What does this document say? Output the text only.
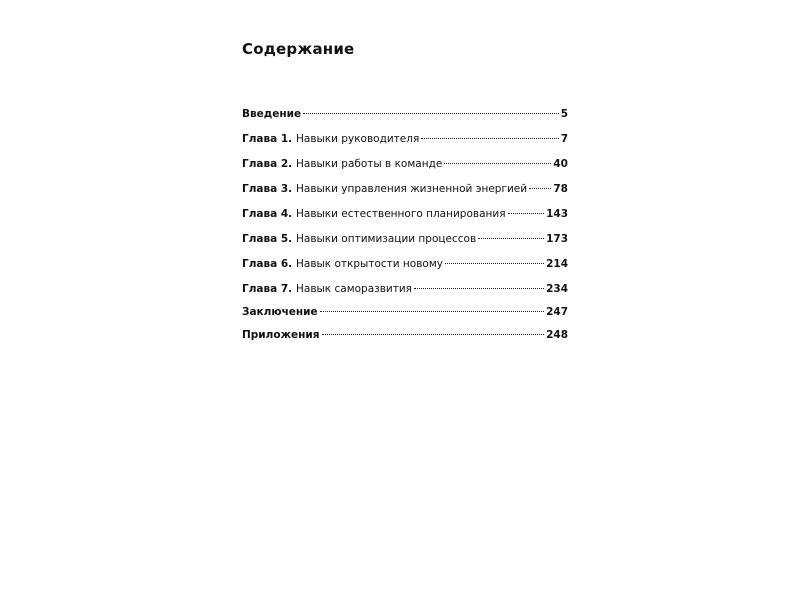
Содержание
Введение	5
Глава 1. Навыки руководителя	7
Глава 2. Навыки работы в команде	40
Глава 3. Навыки управления жизненной энергией	78
Глава 4. Навыки естественного планирования	143
Глава 5. Навыки оптимизации процессов	173
Глава 6. Навык открытости новому	214
Глава 7. Навык саморазвития	234
Заключение	247
Приложения	248
